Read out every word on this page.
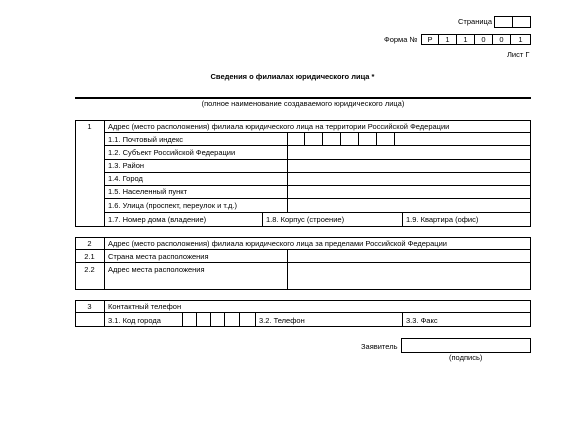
Страница
Форма №	Р	1	1	0	0	1
Лист Г
Сведения о филиалах юридического лица *
(полное наименование создаваемого юридического лица)
1	Адрес (место расположения) филиала юридического лица на территории Российской Федерации
1.1. Почтовый индекс
1.2. Субъект Российской Федерации
1.3. Район
1.4. Город
1.5. Населенный пункт
1.6. Улица (проспект, переулок и т.д.)
1.7. Номер дома (владение)	1.8. Корпус (строение)	1.9. Квартира (офис)
2	Адрес (место расположения) филиала юридического лица за пределами Российской Федерации
2.1	Страна места расположения
2.2	Адрес места расположения
3	Контактный телефон
3.1. Код города	3.2. Телефон	3.3. Факс
Заявитель
(подпись)
